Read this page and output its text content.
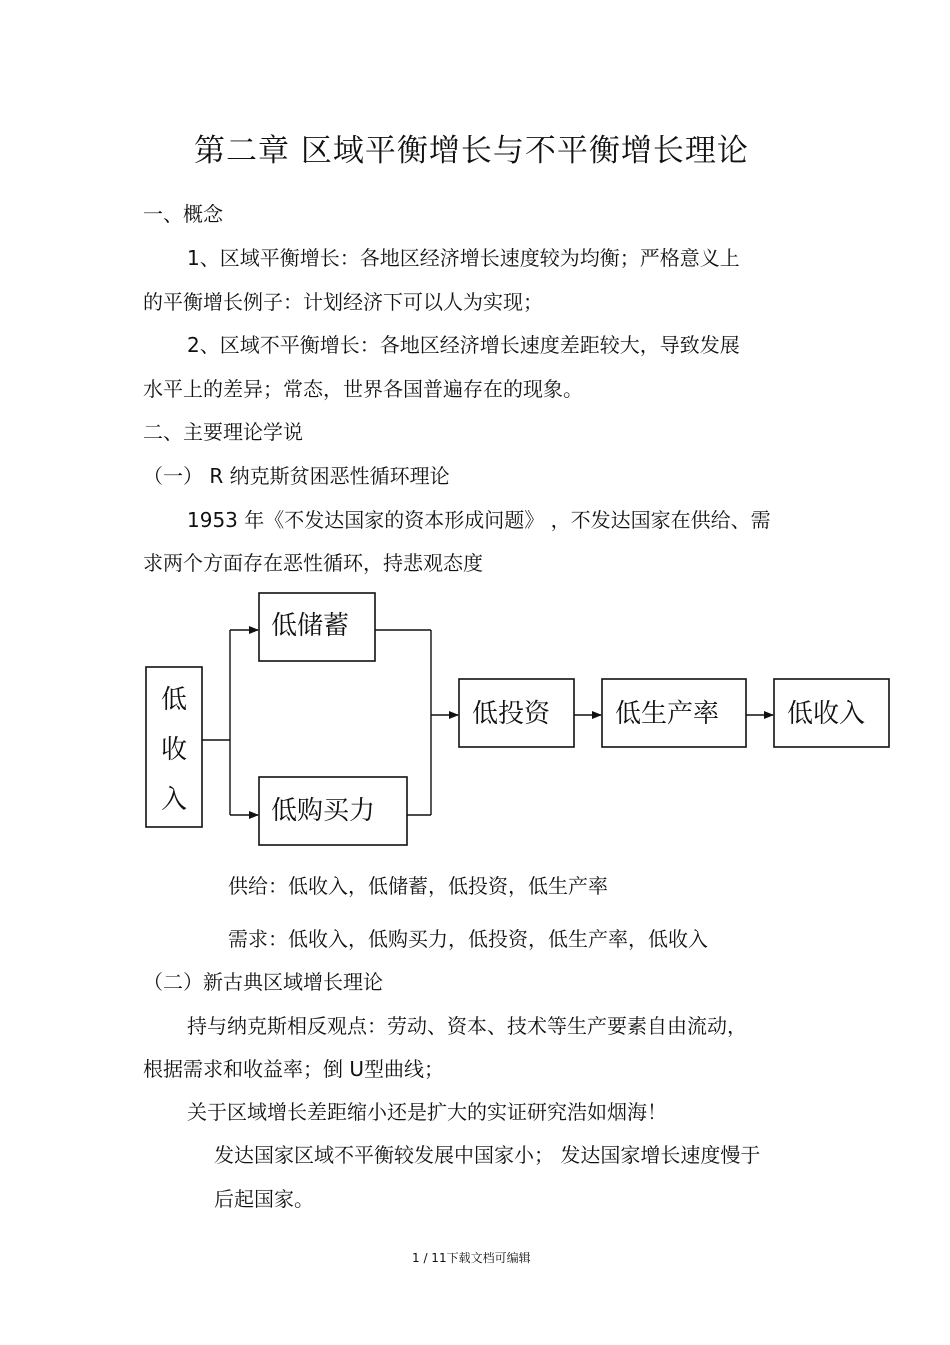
第二章 区域平衡增长与不平衡增长理论
一、概念
1、区域平衡增长：各地区经济增长速度较为均衡；严格意义上
的平衡增长例子：计划经济下可以人为实现；
2、区域不平衡增长：各地区经济增长速度差距较大，导致发展
水平上的差异；常态，世界各国普遍存在的现象。
二、主要理论学说
（一） R 纳克斯贫困恶性循环理论
1953 年《不发达国家的资本形成问题》 ，不发达国家在供给、需
求两个方面存在恶性循环，持悲观态度
低
收
入
低储蓄
低购买力
低投资 低生产率	低收入
供给：低收入，低储蓄，低投资，低生产率
需求：低收入，低购买力，低投资，低生产率，低收入
（二）新古典区域增长理论
持与纳克斯相反观点：劳动、资本、技术等生产要素自由流动，
根据需求和收益率；倒 U型曲线；
关于区域增长差距缩小还是扩大的实证研究浩如烟海！
发达国家区域不平衡较发展中国家小； 发达国家增长速度慢于
后起国家。
1 / 11下载文档可编辑
